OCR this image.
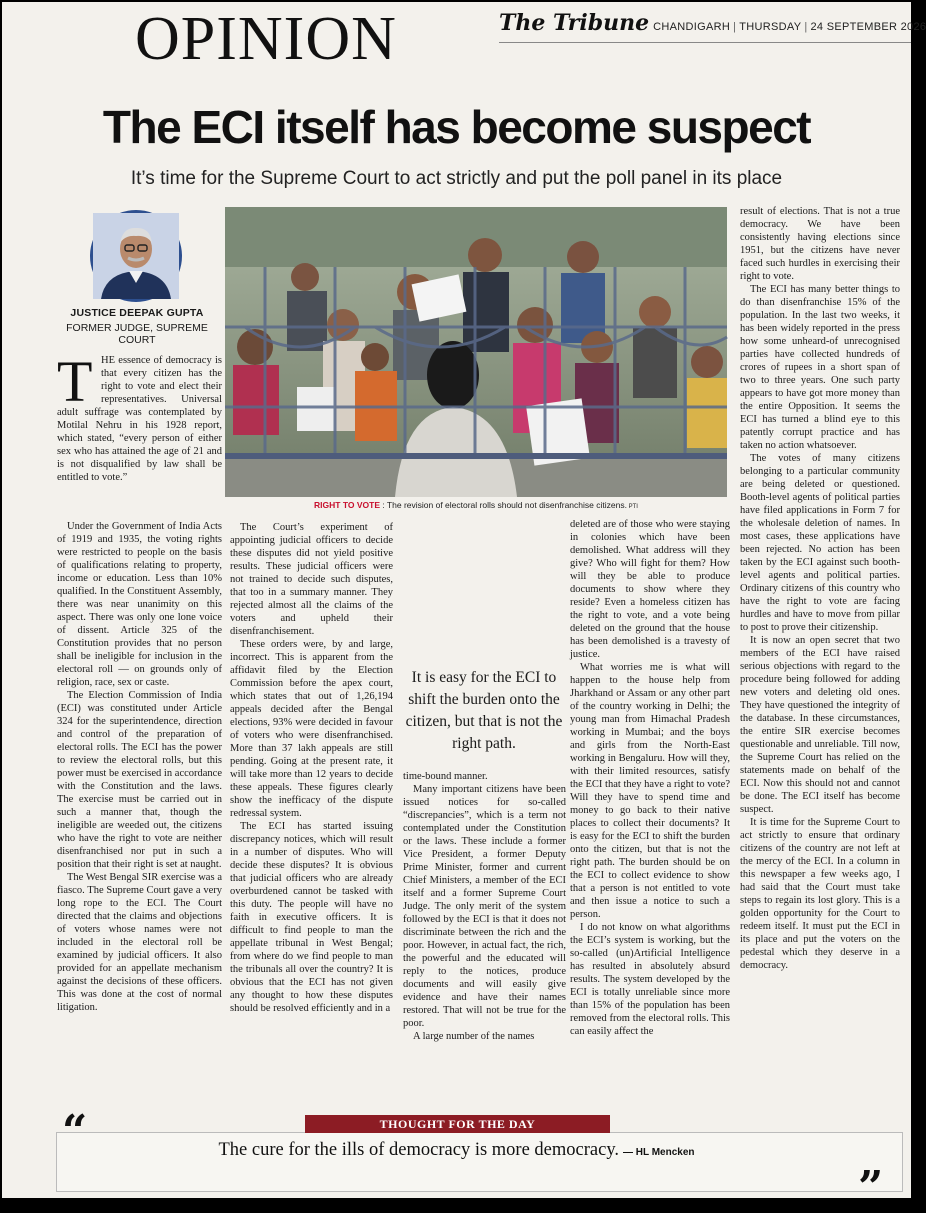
OPINION	The Tribune CHANDIGARH | THURSDAY | 24 SEPTEMBER 2026
The ECI itself has become suspect
It’s time for the Supreme Court to act strictly and put the poll panel in its place
JUSTICE DEEPAK GUPTA
FORMER JUDGE, SUPREME COURT
RIGHT TO VOTE : The revision of electoral rolls should not disenfranchise citizens. PTI
T HE essence of democracy is that every citizen has the right to vote and elect their representatives. Universal adult suffrage was contemplated by Motilal Nehru in his 1928 report, which stated, “every person of either sex who has attained the age of 21 and is not disqualified by law shall be entitled to vote.”

Under the Government of India Acts of 1919 and 1935, the voting rights were restricted to people on the basis of qualifications relating to property, income or education. Less than 10% qualified. In the Constituent Assembly, there was near unanimity on this aspect. There was only one lone voice of dissent. Article 325 of the Constitution provides that no person shall be ineligible for inclusion in the electoral roll — on grounds only of religion, race, sex or caste.

The Election Commission of India (ECI) was constituted under Article 324 for the superintendence, direction and control of the preparation of electoral rolls. The ECI has the power to review the electoral rolls, but this power must be exercised in accordance with the Constitution and the laws. The exercise must be carried out in such a manner that, though the ineligible are weeded out, the citizens who have the right to vote are neither disenfranchised nor put in such a position that their right is set at naught.

The West Bengal SIR exercise was a fiasco. The Supreme Court gave a very long rope to the ECI. The Court directed that the claims and objections of voters whose names were not included in the electoral roll be examined by judicial officers. It also provided for an appellate mechanism against the decisions of these officers. This was done at the cost of normal litigation.

The Court’s experiment of appointing judicial officers to decide these disputes did not yield positive results. These judicial officers were not trained to decide such disputes, that too in a summary manner. They rejected almost all the claims of the voters and upheld their disenfranchisement.

These orders were, by and large, incorrect. This is apparent from the affidavit filed by the Election Commission before the apex court, which states that out of 1,26,194 appeals decided after the Bengal elections, 93% were decided in favour of voters who were disenfranchised. More than 37 lakh appeals are still pending. Going at the present rate, it will take more than 12 years to decide these appeals. These figures clearly show the inefficacy of the dispute redressal system.

The ECI has started issuing discrepancy notices, which will result in a number of disputes. Who will decide these disputes? It is obvious that judicial officers who are already overburdened cannot be tasked with this duty. The people will have no faith in executive officers. It is difficult to find people to man the appellate tribunal in West Bengal; from where do we find people to man the tribunals all over the country? It is obvious that the ECI has not given any thought to how these disputes should be resolved efficiently and in a

It is easy for the ECI to shift the burden onto the citizen, but that is not the right path.

time-bound manner.

Many important citizens have been issued notices for so-called “discrepancies”, which is a term not contemplated under the Constitution or the laws. These include a former Vice President, a former Deputy Prime Minister, former and current Chief Ministers, a member of the ECI itself and a former Supreme Court Judge. The only merit of the system followed by the ECI is that it does not discriminate between the rich and the poor. However, in actual fact, the rich, the powerful and the educated will reply to the notices, produce documents and will easily give evidence and have their names restored. That will not be true for the poor.

A large number of the names

deleted are of those who were staying in colonies which have been demolished. What address will they give? Who will fight for them? How will they be able to produce documents to show where they reside? Even a homeless citizen has the right to vote, and a vote being deleted on the ground that the house has been demolished is a travesty of justice.

What worries me is what will happen to the house help from Jharkhand or Assam or any other part of the country working in Delhi; the young man from Himachal Pradesh working in Mumbai; and the boys and girls from the North-East working in Bengaluru. How will they, with their limited resources, satisfy the ECI that they have a right to vote? Will they have to spend time and money to go back to their native places to collect their documents? It is easy for the ECI to shift the burden onto the citizen, but that is not the right path. The burden should be on the ECI to collect evidence to show that a person is not entitled to vote and then issue a notice to such a person.

I do not know on what algorithms the ECI’s system is working, but the so-called (un)Artificial Intelligence has resulted in absolutely absurd results. The system developed by the ECI is totally unreliable since more than 15% of the population has been removed from the electoral rolls. This can easily affect the

result of elections. That is not a true democracy. We have been consistently having elections since 1951, but the citizens have never faced such hurdles in exercising their right to vote.

The ECI has many better things to do than disenfranchise 15% of the population. In the last two weeks, it has been widely reported in the press how some unheard-of unrecognised parties have collected hundreds of crores of rupees in a short span of two to three years. One such party appears to have got more money than the entire Opposition. It seems the ECI has turned a blind eye to this patently corrupt practice and has taken no action whatsoever.

The votes of many citizens belonging to a particular community are being deleted or questioned. Booth-level agents of political parties have filed applications in Form 7 for the wholesale deletion of names. In most cases, these applications have been rejected. No action has been taken by the ECI against such booth-level agents and political parties. Ordinary citizens of this country who have the right to vote are facing hurdles and have to move from pillar to post to prove their citizenship.

It is now an open secret that two members of the ECI have raised serious objections with regard to the procedure being followed for adding new voters and deleting old ones. They have questioned the integrity of the database. In these circumstances, the entire SIR exercise becomes questionable and unreliable. Till now, the Supreme Court has relied on the statements made on behalf of the ECI. Now this should not and cannot be done. The ECI itself has become suspect.

It is time for the Supreme Court to act strictly to ensure that ordinary citizens of the country are not left at the mercy of the ECI. In a column in this newspaper a few weeks ago, I had said that the Court must take steps to regain its lost glory. This is a golden opportunity for the Court to redeem itself. It must put the ECI in its place and put the voters on the pedestal which they deserve in a democracy.

THOUGHT FOR THE DAY
“	The cure for the ills of democracy is more democracy. — HL Mencken
”
